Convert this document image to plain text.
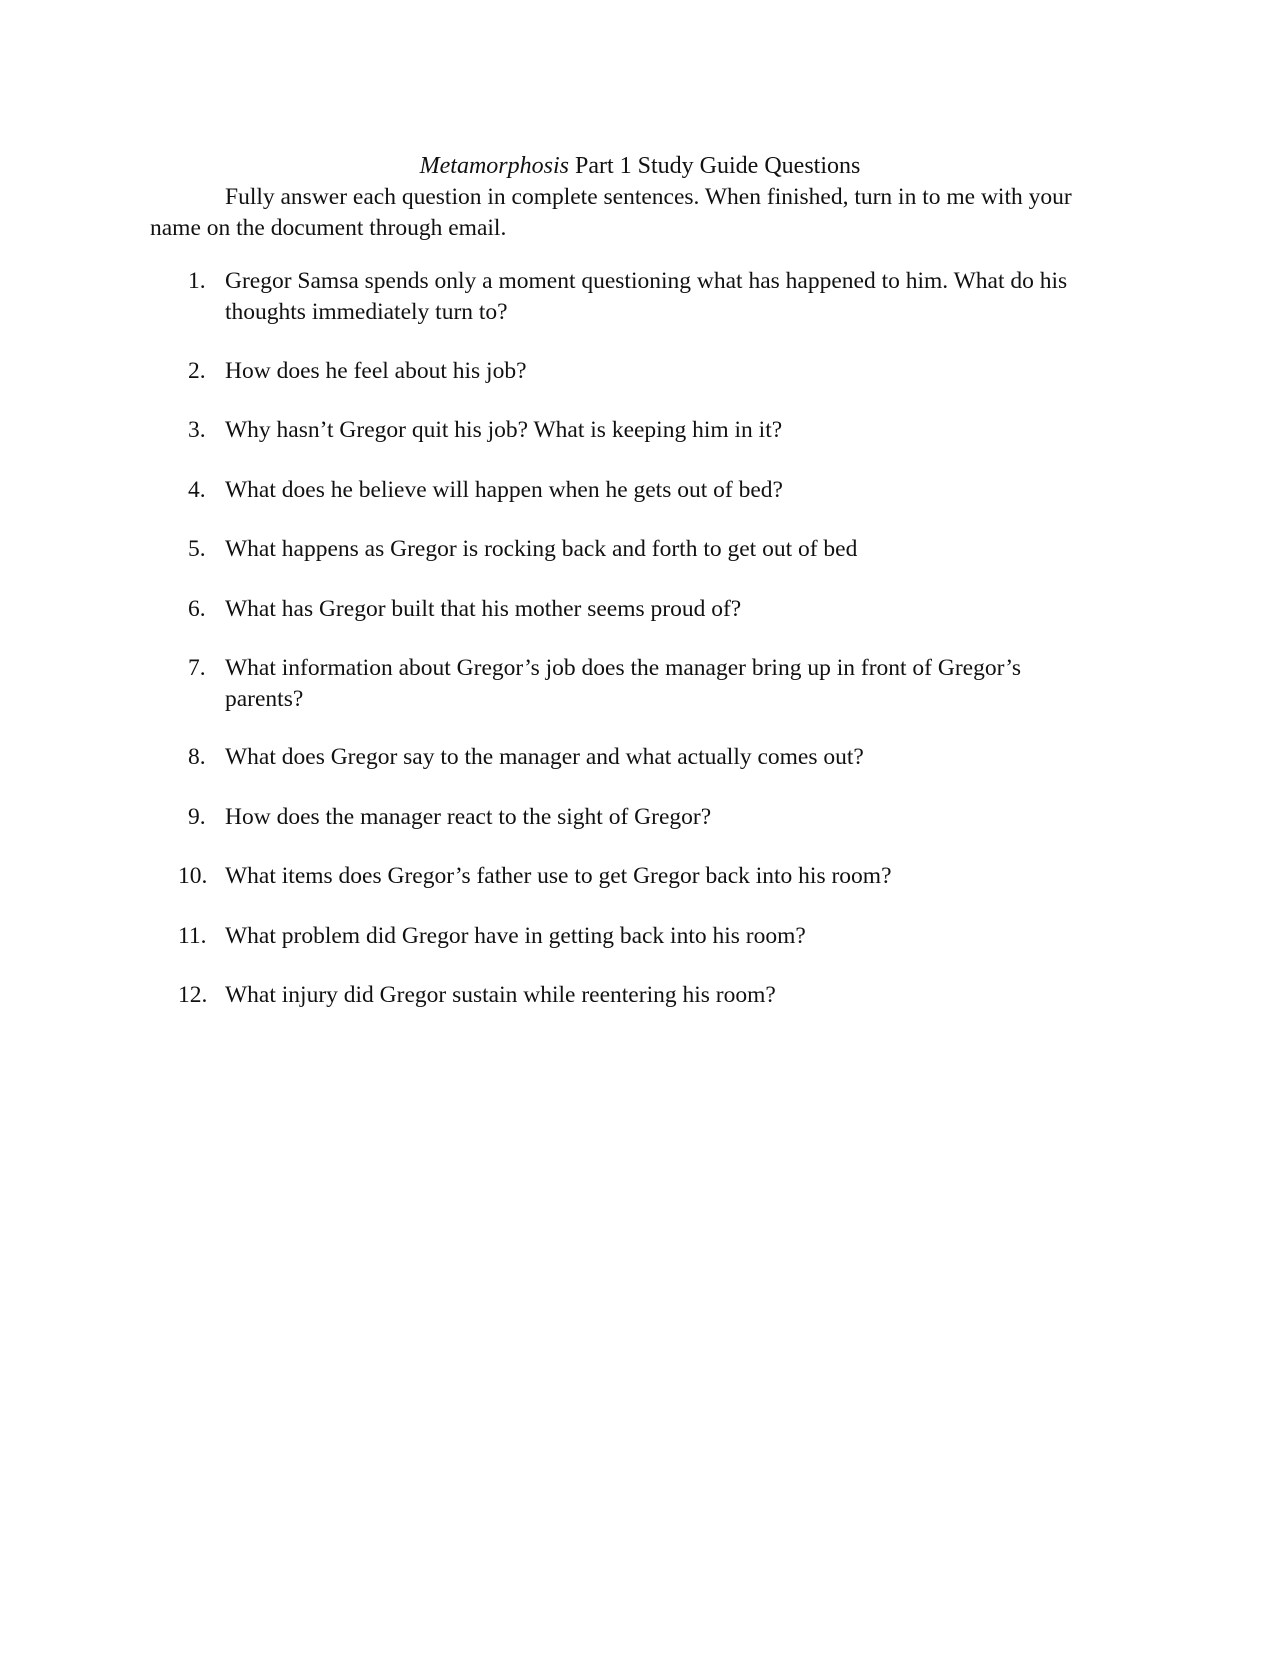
Metamorphosis Part 1 Study Guide Questions
Fully answer each question in complete sentences. When finished, turn in to me with your name on the document through email.
1. Gregor Samsa spends only a moment questioning what has happened to him. What do his thoughts immediately turn to?
2. How does he feel about his job?
3. Why hasn’t Gregor quit his job? What is keeping him in it?
4. What does he believe will happen when he gets out of bed?
5. What happens as Gregor is rocking back and forth to get out of bed
6. What has Gregor built that his mother seems proud of?
7. What information about Gregor’s job does the manager bring up in front of Gregor’s parents?
8. What does Gregor say to the manager and what actually comes out?
9. How does the manager react to the sight of Gregor?
10. What items does Gregor’s father use to get Gregor back into his room?
11. What problem did Gregor have in getting back into his room?
12. What injury did Gregor sustain while reentering his room?
